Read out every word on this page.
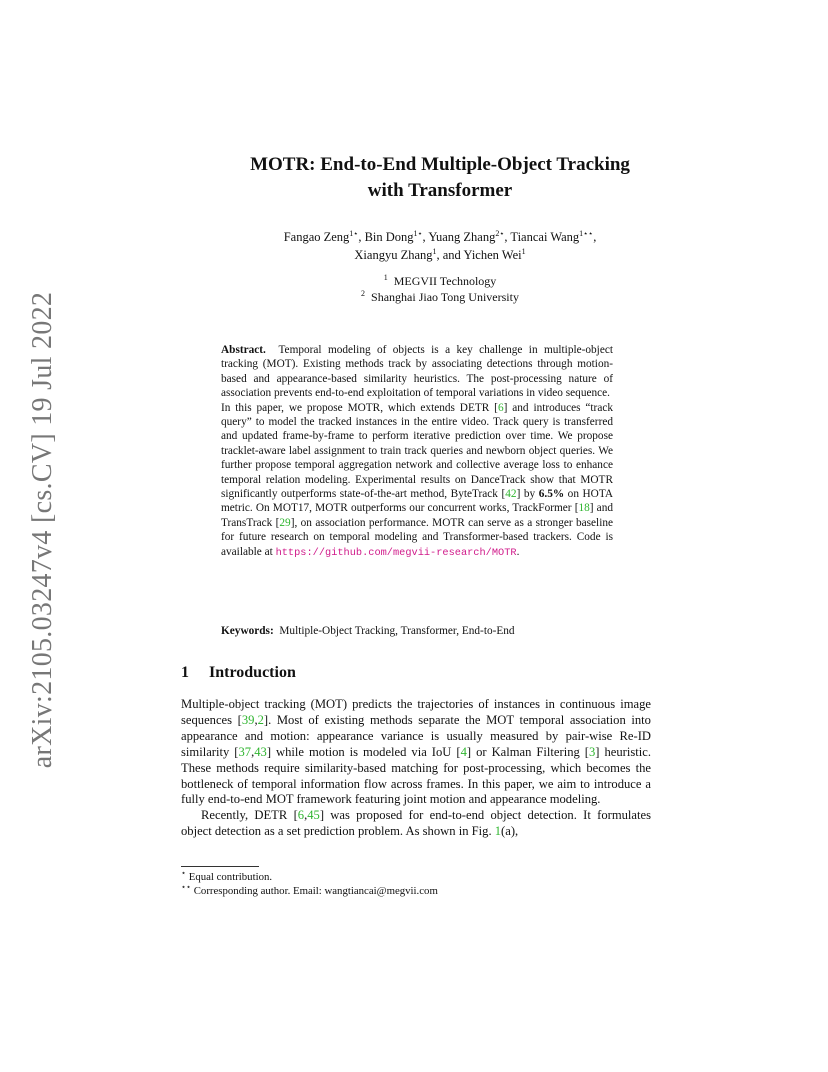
arXiv:2105.03247v4 [cs.CV] 19 Jul 2022
MOTR: End-to-End Multiple-Object Tracking
with Transformer
Fangao Zeng$^{1⋆}$, Bin Dong$^{1⋆}$, Yuang Zhang$^{2⋆}$, Tiancai Wang$^{1⋆⋆}$,
Xiangyu Zhang$^1$, and Yichen Wei$^1$
$^1$ MEGVII Technology
$^2$ Shanghai Jiao Tong University

Abstract. Temporal modeling of objects is a key challenge in multiple-object tracking (MOT). Existing methods track by associating detections through motion-based and appearance-based similarity heuristics. The post-processing nature of association prevents end-to-end exploitation of temporal variations in video sequence.

In this paper, we propose MOTR, which extends DETR [6] and introduces “track query” to model the tracked instances in the entire video. Track query is transferred and updated frame-by-frame to perform iterative prediction over time. We propose tracklet-aware label assignment to train track queries and newborn object queries. We further propose temporal aggregation network and collective average loss to enhance temporal relation modeling. Experimental results on DanceTrack show that MOTR significantly outperforms state-of-the-art method, ByteTrack [42] by 6.5% on HOTA metric. On MOT17, MOTR outperforms our concurrent works, TrackFormer [18] and TransTrack [29], on association performance. MOTR can serve as a stronger baseline for future research on temporal modeling and Transformer-based trackers. Code is available at https://github.com/megvii-research/MOTR.

Keywords: Multiple-Object Tracking, Transformer, End-to-End
1 Introduction

Multiple-object tracking (MOT) predicts the trajectories of instances in continuous image sequences [39,2]. Most of existing methods separate the MOT temporal association into appearance and motion: appearance variance is usually measured by pair-wise Re-ID similarity [37,43] while motion is modeled via IoU [4] or Kalman Filtering [3] heuristic. These methods require similarity-based matching for post-processing, which becomes the bottleneck of temporal information flow across frames. In this paper, we aim to introduce a fully end-to-end MOT framework featuring joint motion and appearance modeling.

Recently, DETR [6,45] was proposed for end-to-end object detection. It formulates object detection as a set prediction problem. As shown in Fig. 1(a),

⋆ Equal contribution.
⋆⋆ Corresponding author. Email: wangtiancai@megvii.com
